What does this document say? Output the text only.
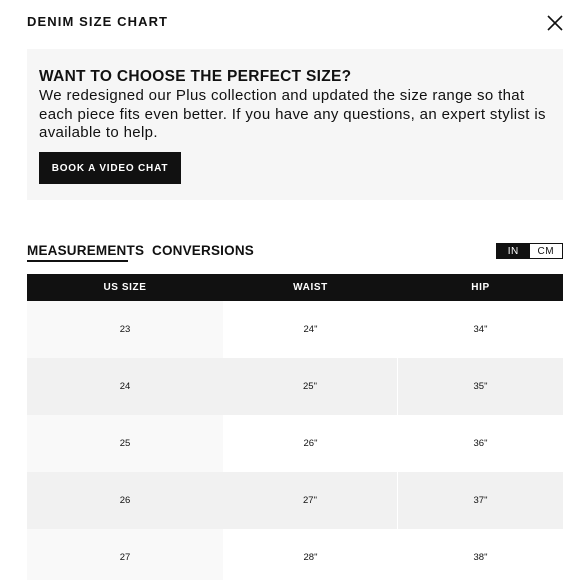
DENIM SIZE CHART
WANT TO CHOOSE THE PERFECT SIZE?
We redesigned our Plus collection and updated the size range so that each piece fits even better. If you have any questions, an expert stylist is available to help.
BOOK A VIDEO CHAT
MEASUREMENTS CONVERSIONS	IN	CM
US SIZE	WAIST	HIP
23	24"	34"
24	25"	35"
25	26"	36"
26	27"	37"
27	28"	38"
